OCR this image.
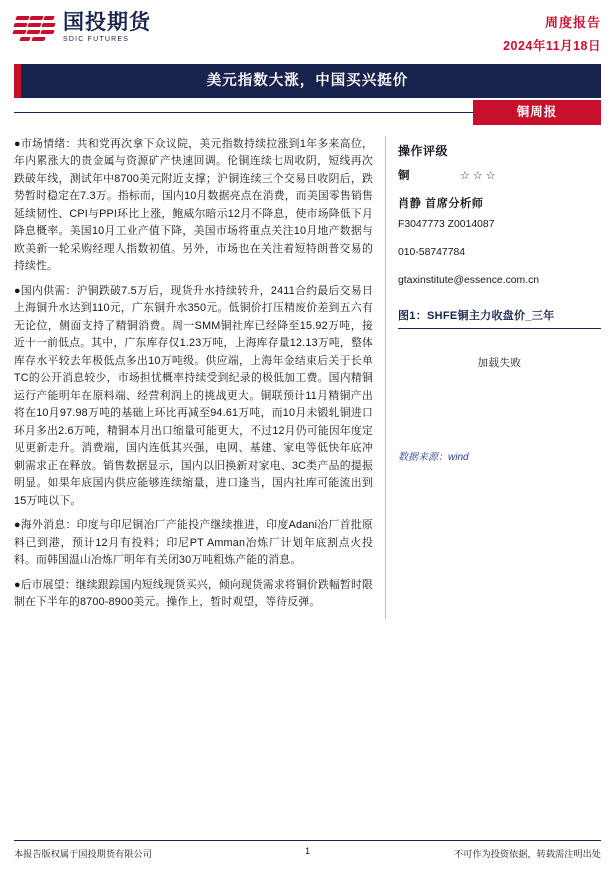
国投期货
SDIC FUTURES
周度报告
2024年11月18日
美元指数大涨，中国买兴挺价
铜周报

●市场情绪：共和党再次拿下众议院，美元指数持续拉涨到1年多来高位，年内累涨大的贵金属与资源矿产快速回调。伦铜连续七周收阴，短线再次跌破年线，测试年中8700美元附近支撑；沪铜连续三个交易日收阴后，跌势暂时稳定在7.3万。指标而，国内10月数据亮点在消费，而美国零售销售延续韧性、CPI与PPI环比上涨，鲍威尔暗示12月不降息，使市场降低下月降息概率。美国10月工业产值下降，美国市场将重点关注10月地产数据与欧美新一轮采购经理人指数初值。另外，市场也在关注着短特朗普交易的持续性。

●国内供需：沪铜跌破7.5万后，现货升水持续转升，2411合约最后交易日上海铜升水达到110元，广东铜升水350元。低铜价打压精废价差到五六有无论位，侧面支持了精铜消费。周一SMM铜社库已经降至15.92万吨，接近十一前低点。其中，广东库存仅1.23万吨，上海库存量12.13万吨，整体库存水平较去年极低点多出10万吨级。供应端，上海年金结束后关于长单TC的公开消息较少，市场担忧概率持续受到纪录的极低加工费。国内精铜运行产能明年在原料端、经营利润上的挑战更大。铜联预计11月精铜产出将在10月97.98万吨的基础上环比再减至94.61万吨，而10月未锻轧铜进口环月多出2.6万吨，精铜本月出口缩量可能更大，不过12月仍可能因年度定见更新走升。消费端，国内连低其兴强，电网、基建、家电等低快年底冲刺需求正在释放。销售数据显示，国内以旧换新对家电、3C类产品的提振明显。如果年底国内供应能够连续缩量，进口逢当，国内社库可能流出到15万吨以下。

●海外消息：印度与印尼铜冶厂产能投产继续推进，印度Adani冶厂首批原料已到港，预计12月有投料；印尼PT Amman冶炼厂计划年底割点火投料。而韩国温山冶炼厂明年有关闭30万吨粗炼产能的消息。

●后市展望：继续跟踪国内短线现货买兴，倾向现货需求将铜价跌幅暂时限制在下半年的8700-8900美元。操作上，暂时观望，等待反弹。

操作评级
铜	☆☆☆
肖静 首席分析师
F3047773 Z0014087
010-58747784
gtaxinstitute@essence.com.cn
图1：SHFE铜主力收盘价_三年
加载失败
数据来源：wind
本报告版权属于国投期货有限公司	1	不可作为投资依据，转载需注明出处
